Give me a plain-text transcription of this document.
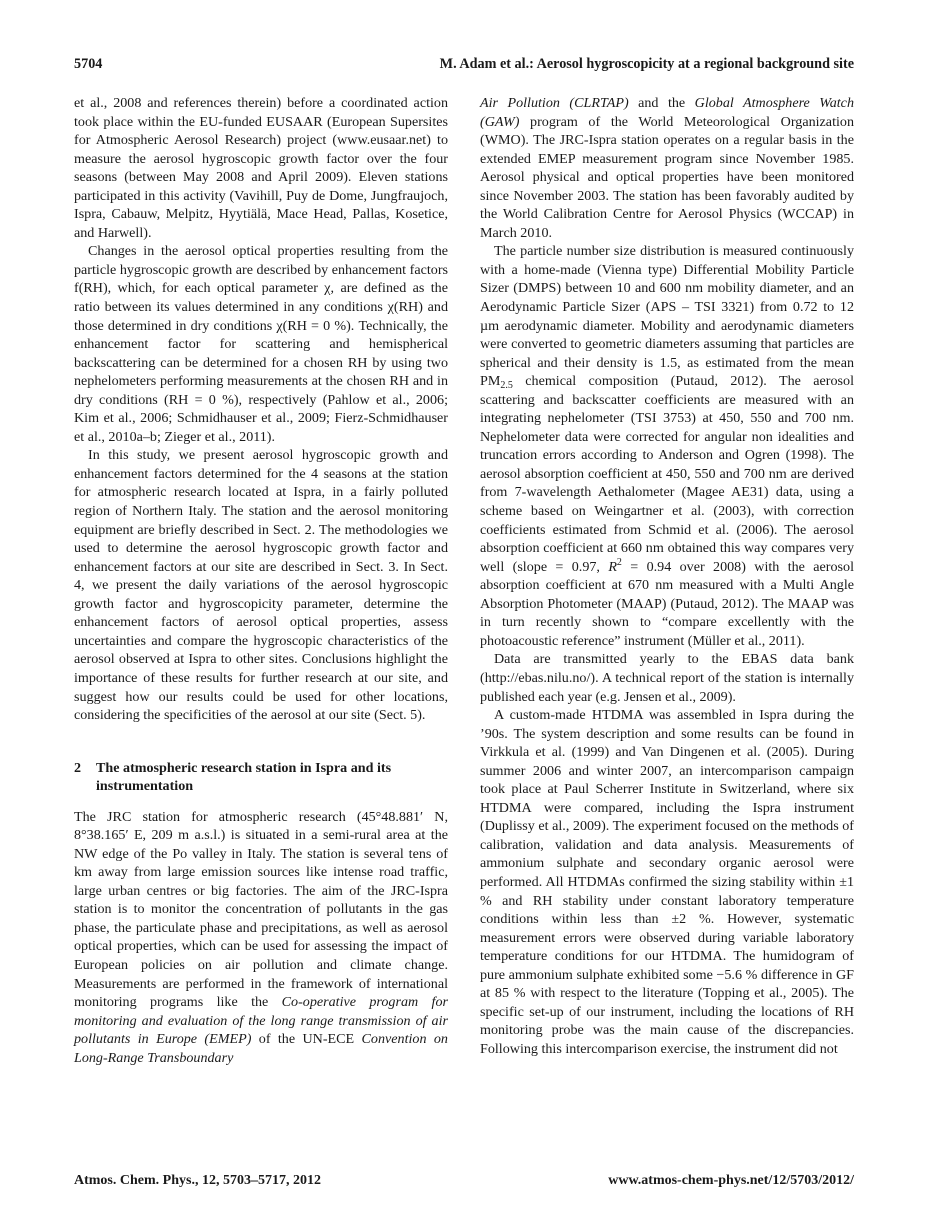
5704	M. Adam et al.: Aerosol hygroscopicity at a regional background site

et al., 2008 and references therein) before a coordinated action took place within the EU-funded EUSAAR (European Supersites for Atmospheric Aerosol Research) project (www.eusaar.net) to measure the aerosol hygroscopic growth factor over the four seasons (between May 2008 and April 2009). Eleven stations participated in this activity (Vavihill, Puy de Dome, Jungfraujoch, Ispra, Cabauw, Melpitz, Hyytiälä, Mace Head, Pallas, Kosetice, and Harwell).

Changes in the aerosol optical properties resulting from the particle hygroscopic growth are described by enhancement factors f(RH), which, for each optical parameter χ, are defined as the ratio between its values determined in any conditions χ(RH) and those determined in dry conditions χ(RH = 0 %). Technically, the enhancement factor for scattering and hemispherical backscattering can be determined for a chosen RH by using two nephelometers performing measurements at the chosen RH and in dry conditions (RH = 0 %), respectively (Pahlow et al., 2006; Kim et al., 2006; Schmidhauser et al., 2009; Fierz-Schmidhauser et al., 2010a–b; Zieger et al., 2011).

In this study, we present aerosol hygroscopic growth and enhancement factors determined for the 4 seasons at the station for atmospheric research located at Ispra, in a fairly polluted region of Northern Italy. The station and the aerosol monitoring equipment are briefly described in Sect. 2. The methodologies we used to determine the aerosol hygroscopic growth factor and enhancement factors at our site are described in Sect. 3. In Sect. 4, we present the daily variations of the aerosol hygroscopic growth factor and hygroscopicity parameter, determine the enhancement factors of aerosol optical properties, assess uncertainties and compare the hygroscopic characteristics of the aerosol observed at Ispra to other sites. Conclusions highlight the importance of these results for further research at our site, and suggest how our results could be used for other locations, considering the specificities of the aerosol at our site (Sect. 5).

2	The atmospheric research station in Ispra and its instrumentation

The JRC station for atmospheric research (45°48.881′ N, 8°38.165′ E, 209 m a.s.l.) is situated in a semi-rural area at the NW edge of the Po valley in Italy. The station is several tens of km away from large emission sources like intense road traffic, large urban centres or big factories. The aim of the JRC-Ispra station is to monitor the concentration of pollutants in the gas phase, the particulate phase and precipitations, as well as aerosol optical properties, which can be used for assessing the impact of European policies on air pollution and climate change. Measurements are performed in the framework of international monitoring programs like the Co-operative program for monitoring and evaluation of the long range transmission of air pollutants in Europe (EMEP) of the UN-ECE Convention on Long-Range Transboundary

Air Pollution (CLRTAP) and the Global Atmosphere Watch (GAW) program of the World Meteorological Organization (WMO). The JRC-Ispra station operates on a regular basis in the extended EMEP measurement program since November 1985. Aerosol physical and optical properties have been monitored since November 2003. The station has been favorably audited by the World Calibration Centre for Aerosol Physics (WCCAP) in March 2010.

The particle number size distribution is measured continuously with a home-made (Vienna type) Differential Mobility Particle Sizer (DMPS) between 10 and 600 nm mobility diameter, and an Aerodynamic Particle Sizer (APS – TSI 3321) from 0.72 to 12 µm aerodynamic diameter. Mobility and aerodynamic diameters were converted to geometric diameters assuming that particles are spherical and their density is 1.5, as estimated from the mean $PM_{2.5}$ chemical composition (Putaud, 2012). The aerosol scattering and backscatter coefficients are measured with an integrating nephelometer (TSI 3753) at 450, 550 and 700 nm. Nephelometer data were corrected for angular non idealities and truncation errors according to Anderson and Ogren (1998). The aerosol absorption coefficient at 450, 550 and 700 nm are derived from 7-wavelength Aethalometer (Magee AE31) data, using a scheme based on Weingartner et al. (2003), with correction coefficients estimated from Schmid et al. (2006). The aerosol absorption coefficient at 660 nm obtained this way compares very well (slope = 0.97, $R^2 = 0.94$ over 2008) with the aerosol absorption coefficient at 670 nm measured with a Multi Angle Absorption Photometer (MAAP) (Putaud, 2012). The MAAP was in turn recently shown to “compare excellently with the photoacoustic reference” instrument (Müller et al., 2011).

Data are transmitted yearly to the EBAS data bank (http://ebas.nilu.no/). A technical report of the station is internally published each year (e.g. Jensen et al., 2009).

A custom-made HTDMA was assembled in Ispra during the ’90s. The system description and some results can be found in Virkkula et al. (1999) and Van Dingenen et al. (2005). During summer 2006 and winter 2007, an intercomparison campaign took place at Paul Scherrer Institute in Switzerland, where six HTDMA were compared, including the Ispra instrument (Duplissy et al., 2009). The experiment focused on the methods of calibration, validation and data analysis. Measurements of ammonium sulphate and secondary organic aerosol were performed. All HTDMAs confirmed the sizing stability within ±1 % and RH stability under constant laboratory temperature conditions within less than ±2 %. However, systematic measurement errors were observed during variable laboratory temperature conditions for our HTDMA. The humidogram of pure ammonium sulphate exhibited some −5.6 % difference in GF at 85 % with respect to the literature (Topping et al., 2005). The specific set-up of our instrument, including the locations of RH monitoring probe was the main cause of the discrepancies. Following this intercomparison exercise, the instrument did not

Atmos. Chem. Phys., 12, 5703–5717, 2012	www.atmos-chem-phys.net/12/5703/2012/
